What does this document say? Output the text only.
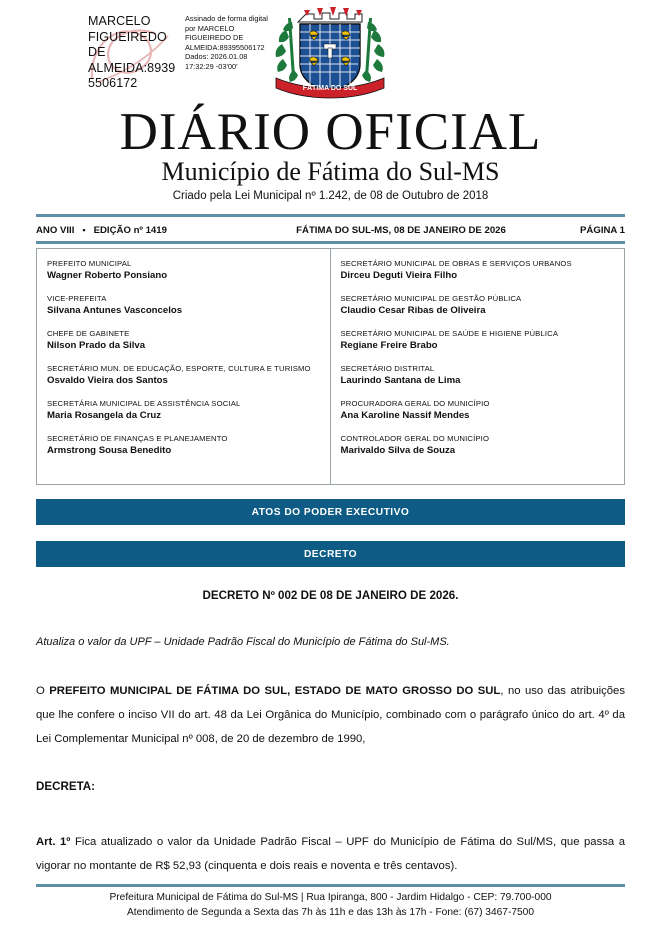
MARCELO FIGUEIREDO DE ALMEIDA:89395506172
Assinado de forma digital por MARCELO FIGUEIREDO DE ALMEIDA:89395506172 Dados: 2026.01.08 17:32:29 -03'00'
FÁTIMA DO SUL
DIÁRIO OFICIAL
Município de Fátima do Sul-MS
Criado pela Lei Municipal nº 1.242, de 08 de Outubro de 2018
ANO VIII ▪ EDIÇÃO nº 1419	FÁTIMA DO SUL-MS, 08 DE JANEIRO DE 2026	PÁGINA 1
PREFEITO MUNICIPAL
Wagner Roberto Ponsiano
VICE-PREFEITA
Silvana Antunes Vasconcelos
CHEFE DE GABINETE
Nilson Prado da Silva
SECRETÁRIO MUN. DE EDUCAÇÃO, ESPORTE, CULTURA E TURISMO
Osvaldo Vieira dos Santos
SECRETÁRIA MUNICIPAL DE ASSISTÊNCIA SOCIAL
Maria Rosangela da Cruz
SECRETÁRIO DE FINANÇAS E PLANEJAMENTO
Armstrong Sousa Benedito
SECRETÁRIO MUNICIPAL DE OBRAS E SERVIÇOS URBANOS
Dirceu Deguti Vieira Filho
SECRETÁRIO MUNICIPAL DE GESTÃO PÚBLICA
Claudio Cesar Ribas de Oliveira
SECRETÁRIO MUNICIPAL DE SAÚDE E HIGIENE PÚBLICA
Regiane Freire Brabo
SECRETÁRIO DISTRITAL
Laurindo Santana de Lima
PROCURADORA GERAL DO MUNICÍPIO
Ana Karoline Nassif Mendes
CONTROLADOR GERAL DO MUNICÍPIO
Marivaldo Silva de Souza
ATOS DO PODER EXECUTIVO
DECRETO
DECRETO Nº 002 DE 08 DE JANEIRO DE 2026.
Atualiza o valor da UPF – Unidade Padrão Fiscal do Município de Fátima do Sul-MS.
O PREFEITO MUNICIPAL DE FÁTIMA DO SUL, ESTADO DE MATO GROSSO DO SUL, no uso das atribuições que lhe confere o inciso VII do art. 48 da Lei Orgânica do Município, combinado com o parágrafo único do art. 4º da Lei Complementar Municipal nº 008, de 20 de dezembro de 1990,
DECRETA:
Art. 1º Fica atualizado o valor da Unidade Padrão Fiscal – UPF do Município de Fátima do Sul/MS, que passa a vigorar no montante de R$ 52,93 (cinquenta e dois reais e noventa e três centavos).
Prefeitura Municipal de Fátima do Sul-MS | Rua Ipiranga, 800 - Jardim Hidalgo - CEP: 79.700-000
Atendimento de Segunda a Sexta das 7h às 11h e das 13h às 17h - Fone: (67) 3467-7500
